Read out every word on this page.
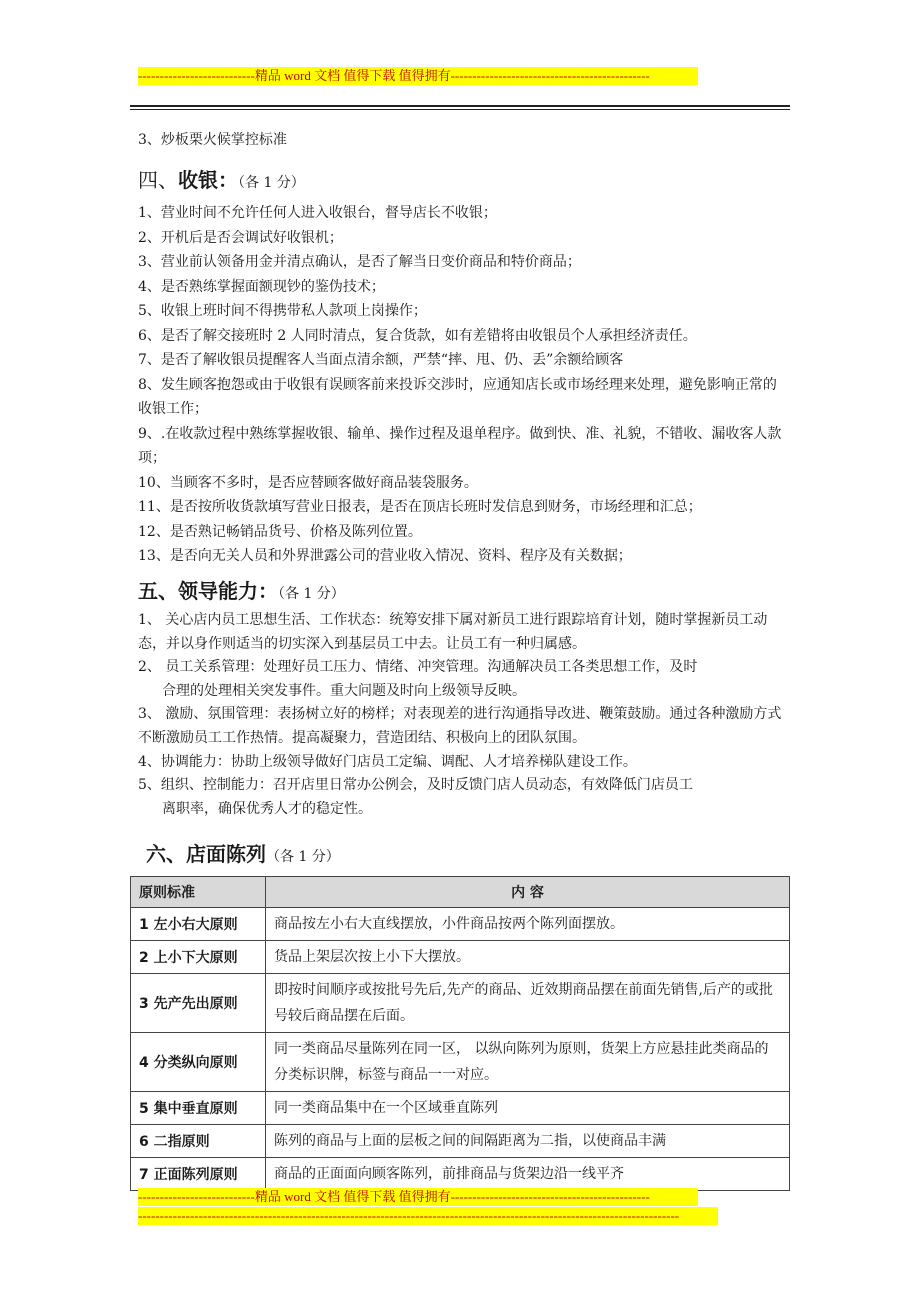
---------------------------精品 word 文档 值得下载 值得拥有----------------------------------------------
3、炒板栗火候掌控标准
四、收银：（各 1 分）
1、营业时间不允许任何人进入收银台，督导店长不收银；
2、开机后是否会调试好收银机；
3、营业前认领备用金并清点确认，是否了解当日变价商品和特价商品；
4、是否熟练掌握面额现钞的鉴伪技术；
5、收银上班时间不得携带私人款项上岗操作；
6、是否了解交接班时 2 人同时清点，复合货款，如有差错将由收银员个人承担经济责任。
7、是否了解收银员提醒客人当面点清余额，严禁“摔、甩、仍、丢”余额给顾客
8、发生顾客抱怨或由于收银有误顾客前来投诉交涉时，应通知店长或市场经理来处理，避免影响正常的收银工作；
9、.在收款过程中熟练掌握收银、输单、操作过程及退单程序。做到快、准、礼貌，不错收、漏收客人款项；
10、当顾客不多时，是否应替顾客做好商品装袋服务。
11、是否按所收货款填写营业日报表，是否在顶店长班时发信息到财务，市场经理和汇总；
12、是否熟记畅销品货号、价格及陈列位置。
13、是否向无关人员和外界泄露公司的营业收入情况、资料、程序及有关数据；
五、领导能力：（各 1 分）
1、 关心店内员工思想生活、工作状态：统筹安排下属对新员工进行跟踪培育计划，随时掌握新员工动态，并以身作则适当的切实深入到基层员工中去。让员工有一种归属感。
2、 员工关系管理：处理好员工压力、情绪、冲突管理。沟通解决员工各类思想工作，及时
合理的处理相关突发事件。重大问题及时向上级领导反映。
3、 激励、氛围管理：表扬树立好的榜样；对表现差的进行沟通指导改进、鞭策鼓励。通过各种激励方式不断激励员工工作热情。提高凝聚力，营造团结、积极向上的团队氛围。
4、协调能力：协助上级领导做好门店员工定编、调配、人才培养梯队建设工作。
5、组织、控制能力：召开店里日常办公例会，及时反馈门店人员动态，有效降低门店员工
离职率，确保优秀人才的稳定性。
六、店面陈列（各 1 分）
原则标准	内 容
1 左小右大原则	商品按左小右大直线摆放，小件商品按两个陈列面摆放。
2 上小下大原则	货品上架层次按上小下大摆放。
3 先产先出原则	即按时间顺序或按批号先后,先产的商品、近效期商品摆在前面先销售,后产的或批号较后商品摆在后面。
4 分类纵向原则	同一类商品尽量陈列在同一区， 以纵向陈列为原则，货架上方应悬挂此类商品的分类标识牌，标签与商品一一对应。
5 集中垂直原则	同一类商品集中在一个区域垂直陈列
6 二指原则	陈列的商品与上面的层板之间的间隔距离为二指，以使商品丰满
7 正面陈列原则	商品的正面面向顾客陈列，前排商品与货架边沿一线平齐
---------------------------精品 word 文档 值得下载 值得拥有----------------------------------------------
-----------------------------------------------------------------------------------------------------------------------------
